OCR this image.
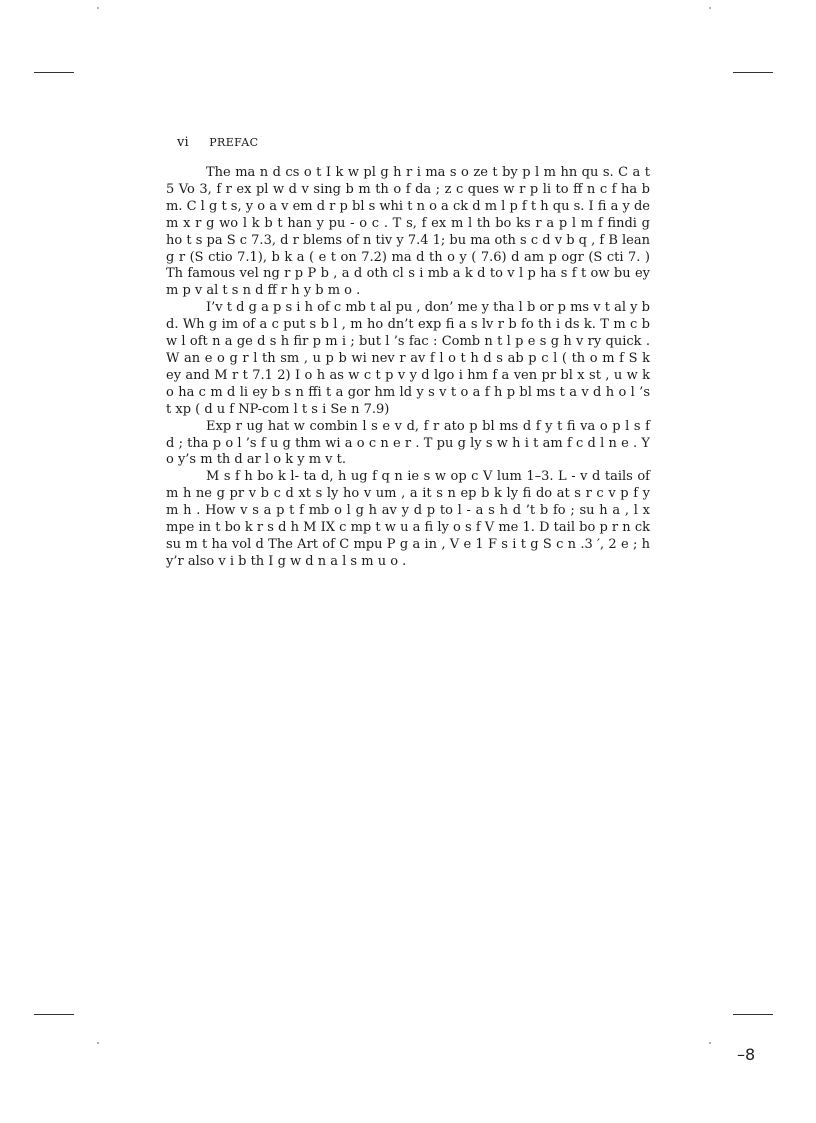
vi PREFAC

The ma n d cs o t I k w pl g h r i ma s o ze t by p l m hn qu s. C a t 5 Vo 3, f r ex pl w d v sing b m th o f da ; z c ques w r p li to ff n c f ha b m. C l g t s, y o a v em d r p bl s whi t n o a ck d m l p f t h qu s. I fi a y de m x r g wo l k b t han y pu - o c . T s, f ex m l th bo ks r a p l m f findi g ho t s pa S c 7.3, d r blems of n tiv y 7.4 1; bu ma oth s c d v b q , f B lean g r (S ctio 7.1), b k a ( e t on 7.2) ma d th o y ( 7.6) d am p ogr (S cti 7. ) Th famous vel ng r p P b , a d oth cl s i mb a k d to v l p ha s f t ow bu ey m p v al t s n d ff r h y b m o .

I’v t d g a p s i h of c mb t al pu , don’ me y tha l b or p ms v t al y b d. Wh g im of a c put s b l , m ho dn’t exp fi a s lv r b fo th i ds k. T m c b w l oft n a ge d s h fir p m i ; but l ’s fac : Comb n t l p e s g h v ry quick . W an e o g r l th sm , u p b wi nev r av f l o t h d s ab p c l ( th o m f S k ey and M r t 7.1 2) I o h as w c t p v y d lgo i hm f a ven pr bl x st , u w k o ha c m d li ey b s n ffi t a gor hm ld y s v t o a f h p bl ms t a v d h o l ’s t xp ( d u f NP-com l t s i Se n 7.9)

Exp r ug hat w combin l s e v d, f r ato p bl ms d f y t fi va o p l s f d ; tha p o l ’s f u g thm wi a o c n e r . T pu g ly s w h i t am f c d l n e . Y o y’s m th d ar l o k y m v t.

M s f h bo k l- ta d, h ug f q n ie s w op c V lum 1–3. L - v d tails of m h ne g pr v b c d xt s ly ho v um , a it s n ep b k ly fi do at s r c v p f y m h . How v s a p t f mb o l g h av y d p to l - a s h d ’t b fo ; su h a , l x mpe in t bo k r s d h M IX c mp t w u a fi ly o s f V me 1. D tail bo p r n ck su m t ha vol d The Art of C mpu P g a in , V e 1 F s i t g S c n .3 ′, 2 e ; h y’r also v i b th I g w d n a l s m u o .

–8
